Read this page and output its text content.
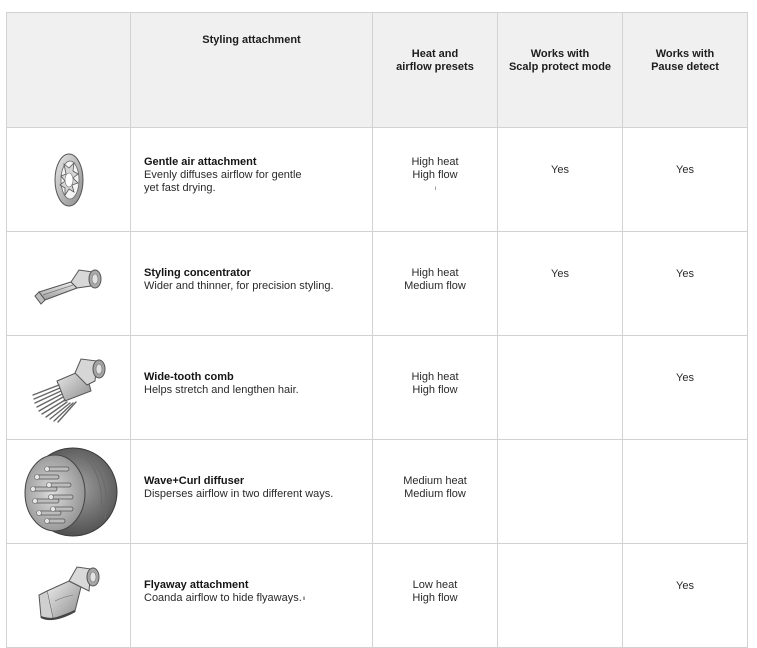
	Styling attachment	Heat and
airflow presets	Works with
Scalp protect mode	Works with
Pause detect

Gentle air attachment
Evenly diffuses airflow for gentle
yet fast drying.	High heat
High flow
$^i$	Yes	Yes

Styling concentrator
Wider and thinner, for precision styling.	High heat
Medium flow	Yes	Yes

Wide-tooth comb
Helps stretch and lengthen hair.	High heat
High flow		Yes

Wave+Curl diffuser
Disperses airflow in two different ways.	Medium heat
Medium flow		

Flyaway attachment
Coanda airflow to hide flyaways.$^{ii}$	Low heat
High flow		Yes
